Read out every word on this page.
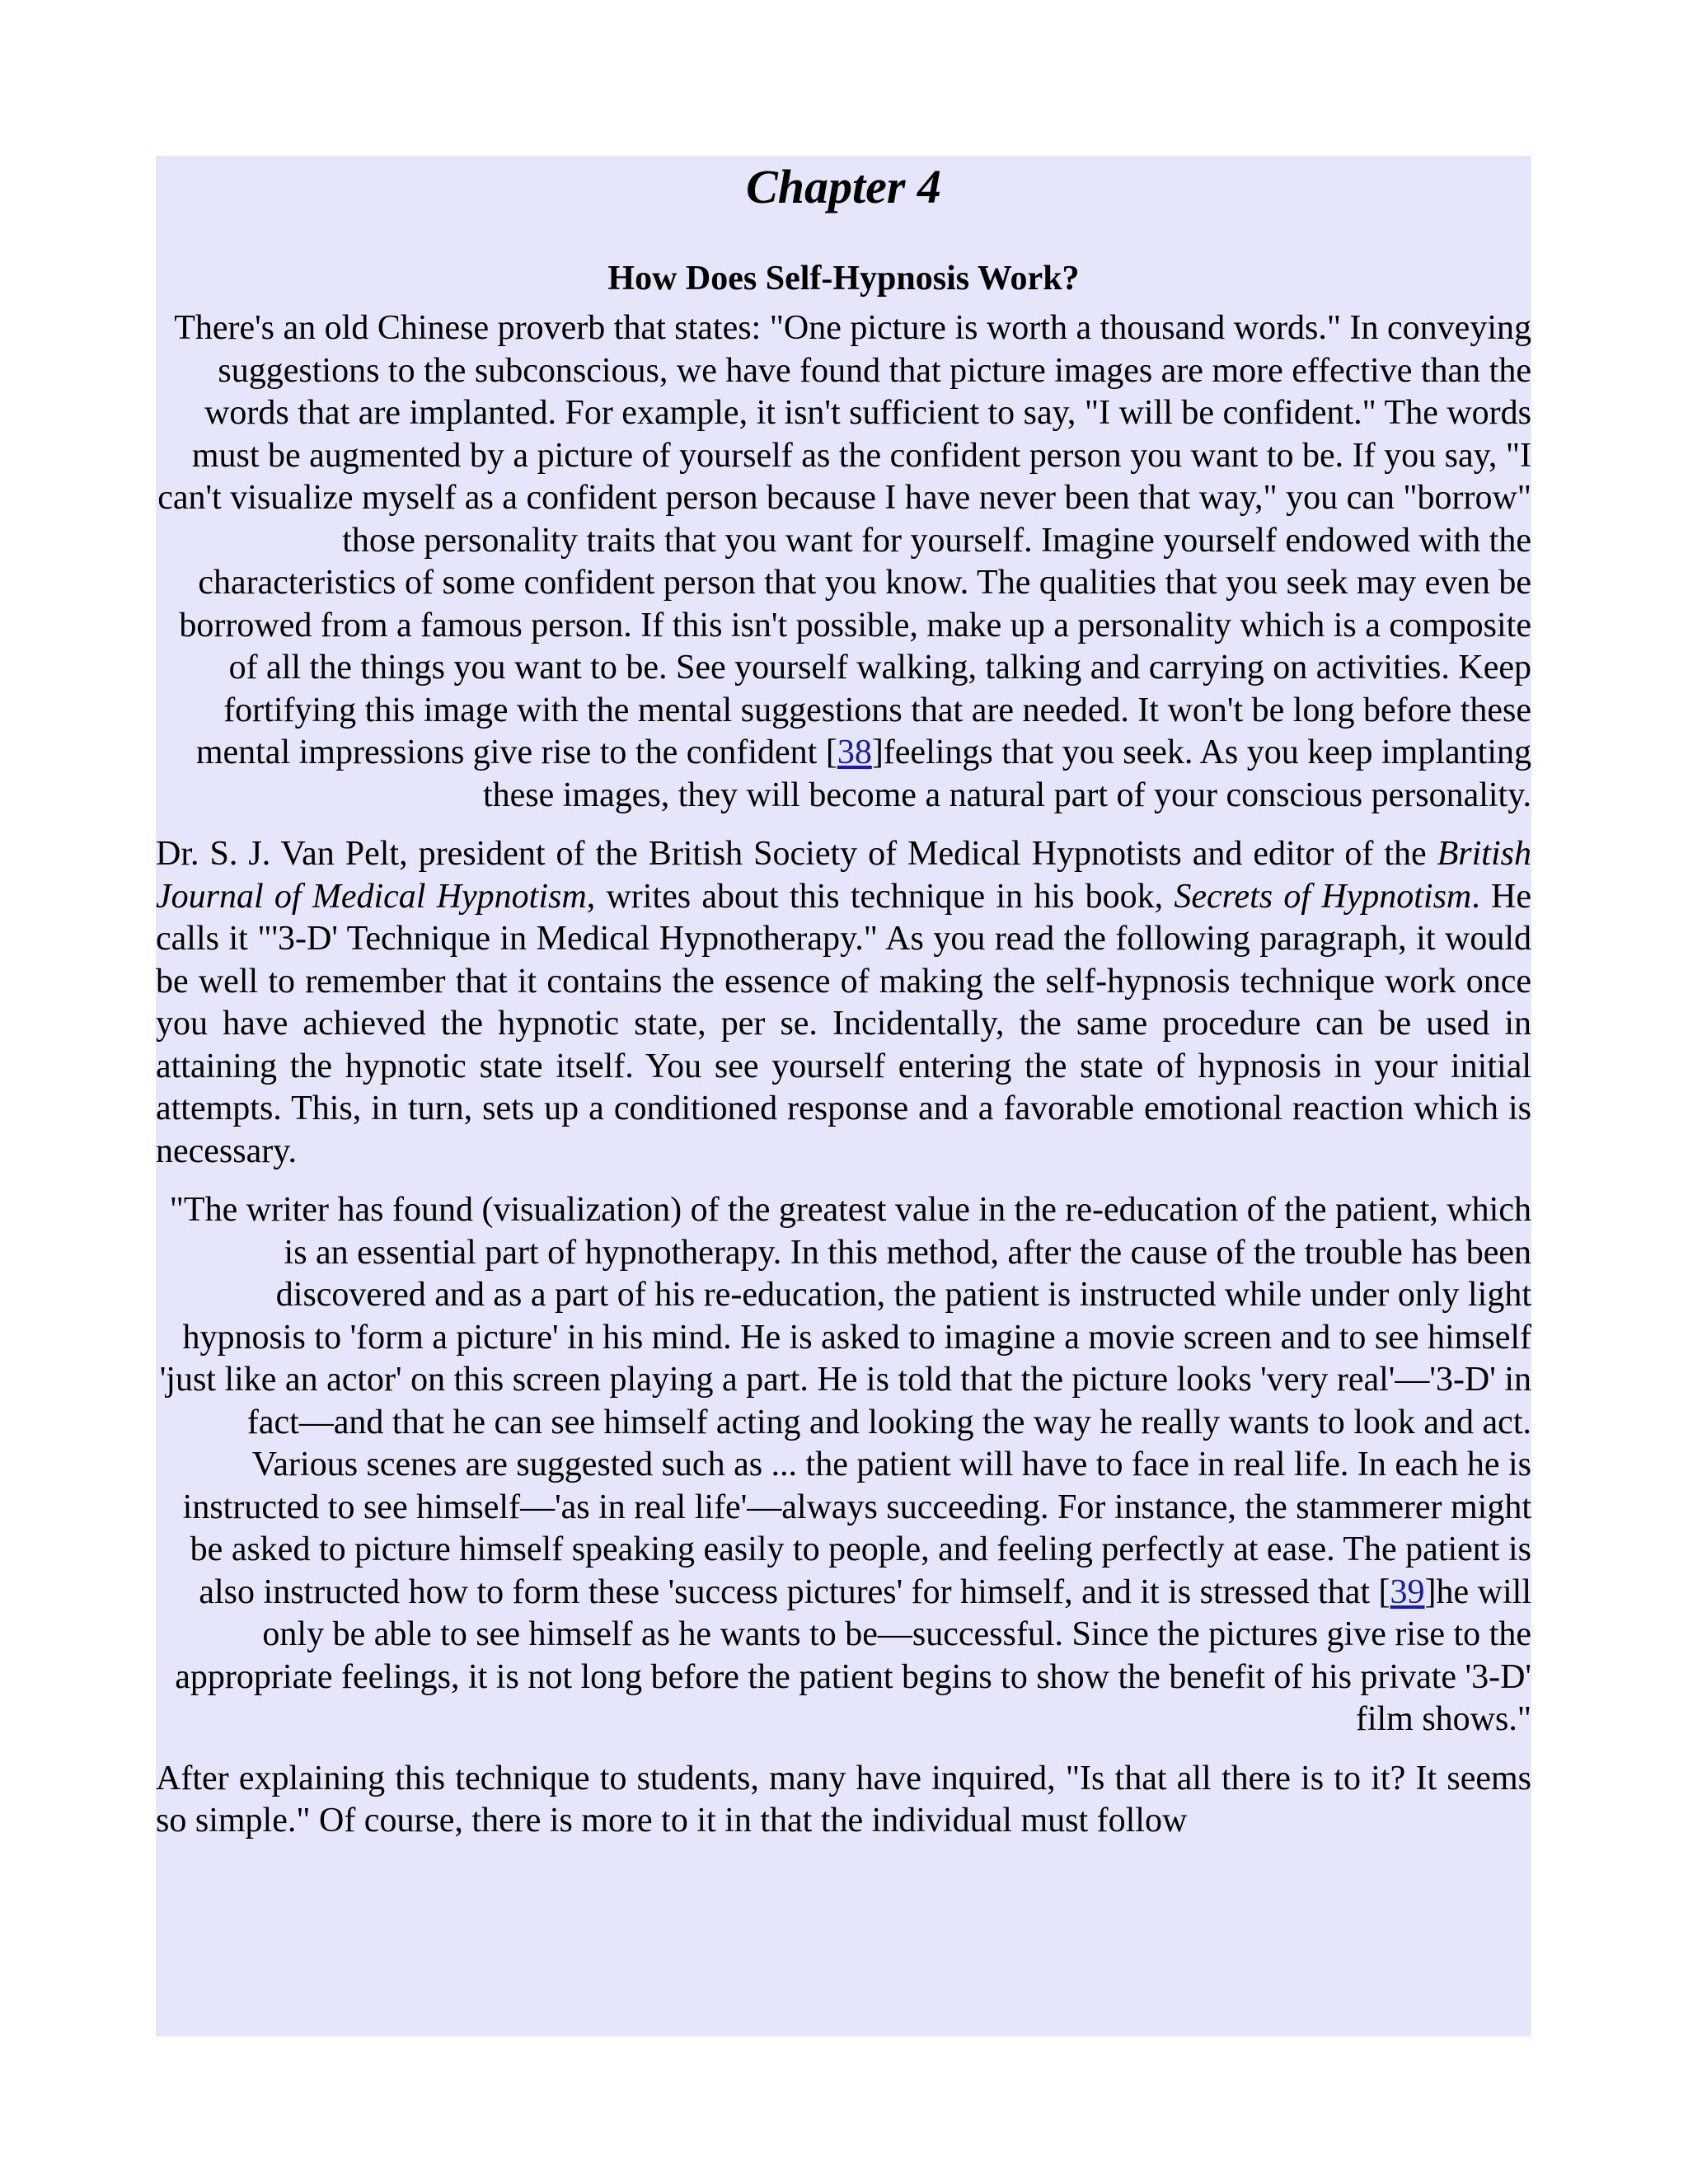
Chapter 4
How Does Self-Hypnosis Work?

There's an old Chinese proverb that states: "One picture is worth a thousand words." In conveying suggestions to the subconscious, we have found that picture images are more effective than the words that are implanted. For example, it isn't sufficient to say, "I will be confident." The words must be augmented by a picture of yourself as the confident person you want to be. If you say, "I can't visualize myself as a confident person because I have never been that way," you can "borrow" those personality traits that you want for yourself. Imagine yourself endowed with the characteristics of some confident person that you know. The qualities that you seek may even be borrowed from a famous person. If this isn't possible, make up a personality which is a composite of all the things you want to be. See yourself walking, talking and carrying on activities. Keep fortifying this image with the mental suggestions that are needed. It won't be long before these mental impressions give rise to the confident [38]feelings that you seek. As you keep implanting these images, they will become a natural part of your conscious personality.

Dr. S. J. Van Pelt, president of the British Society of Medical Hypnotists and editor of the British Journal of Medical Hypnotism, writes about this technique in his book, Secrets of Hypnotism. He calls it "'3-D' Technique in Medical Hypnotherapy." As you read the following paragraph, it would be well to remember that it contains the essence of making the self-hypnosis technique work once you have achieved the hypnotic state, per se. Incidentally, the same procedure can be used in attaining the hypnotic state itself. You see yourself entering the state of hypnosis in your initial attempts. This, in turn, sets up a conditioned response and a favorable emotional reaction which is necessary.

"The writer has found (visualization) of the greatest value in the re-education of the patient, which is an essential part of hypnotherapy. In this method, after the cause of the trouble has been discovered and as a part of his re-education, the patient is instructed while under only light hypnosis to 'form a picture' in his mind. He is asked to imagine a movie screen and to see himself 'just like an actor' on this screen playing a part. He is told that the picture looks 'very real'—'3-D' in fact—and that he can see himself acting and looking the way he really wants to look and act. Various scenes are suggested such as ... the patient will have to face in real life. In each he is instructed to see himself—'as in real life'—always succeeding. For instance, the stammerer might be asked to picture himself speaking easily to people, and feeling perfectly at ease. The patient is also instructed how to form these 'success pictures' for himself, and it is stressed that [39]he will only be able to see himself as he wants to be—successful. Since the pictures give rise to the appropriate feelings, it is not long before the patient begins to show the benefit of his private '3-D' film shows."

After explaining this technique to students, many have inquired, "Is that all there is to it? It seems so simple." Of course, there is more to it in that the individual must follow
